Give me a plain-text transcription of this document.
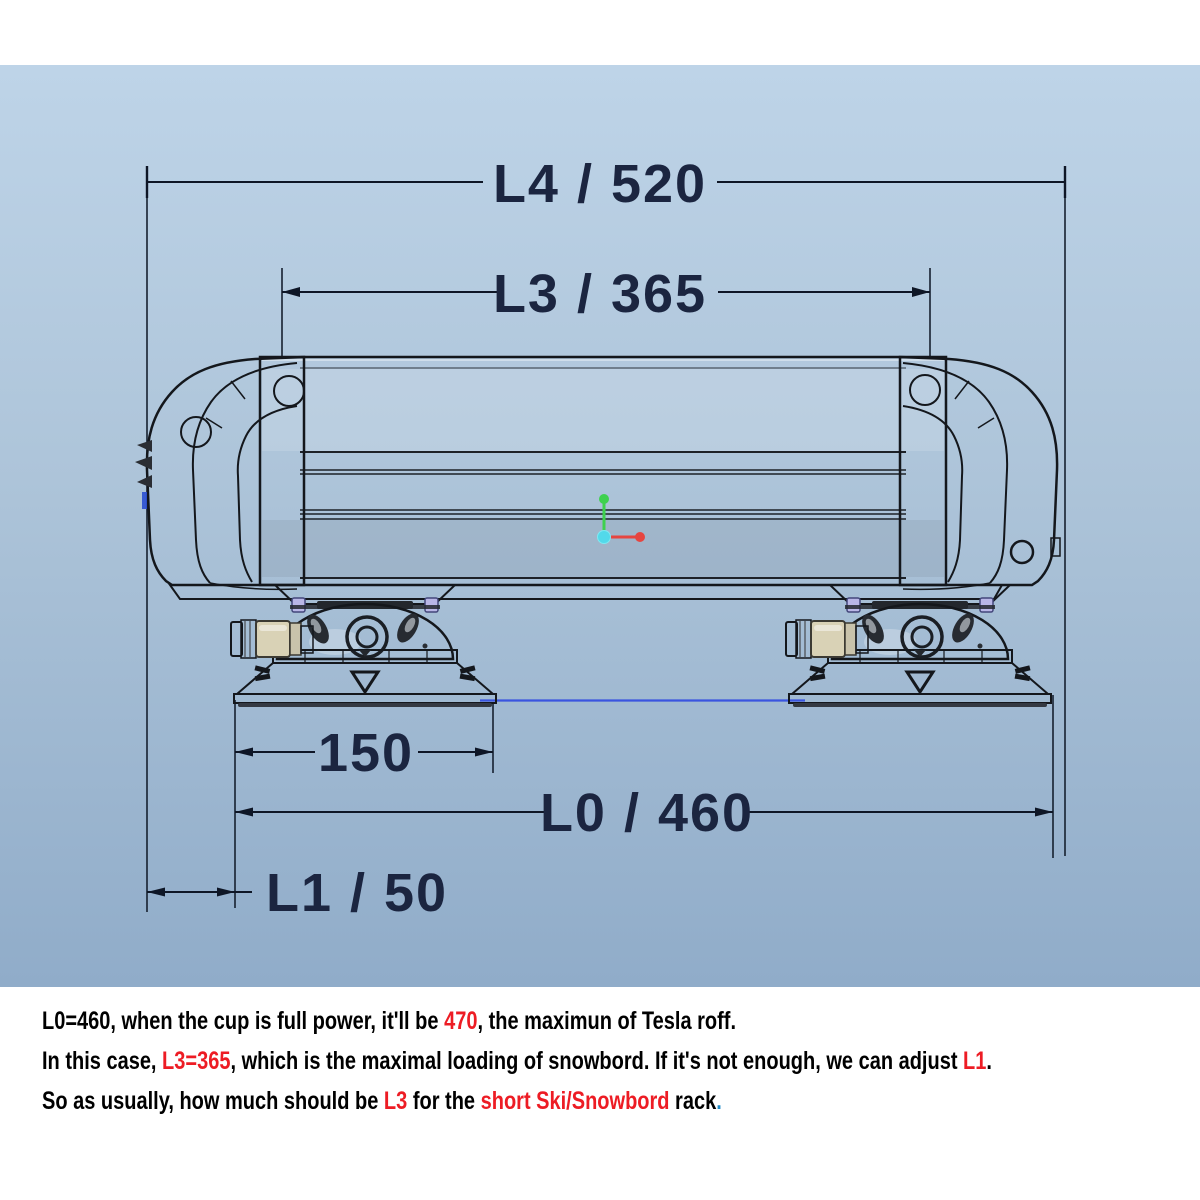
L4 / 520
L3 / 365
150
L0 / 460
L1 / 50

L0=460, when the cup is full power, it'll be 470, the maximun of Tesla roff.

In this case, L3=365, which is the maximal loading of snowbord. If it's not enough, we can adjust L1.

So as usually, how much should be L3 for the short Ski/Snowbord rack.
